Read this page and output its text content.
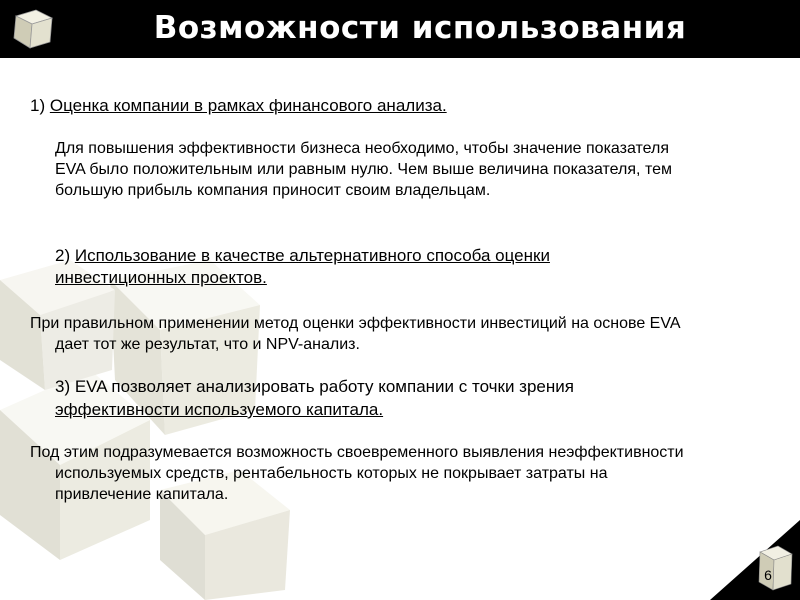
Возможности использования
6

1) Оценка компании в рамках финансового анализа.

Для повышения эффективности бизнеса необходимо, чтобы значение показателя

EVA было положительным или равным нулю. Чем выше величина показателя, тем

большую прибыль компания приносит своим владельцам.

2) Использование в качестве альтернативного способа оценки

инвестиционных проектов.

При правильном применении метод оценки эффективности инвестиций на основе EVA

дает тот же результат, что и NPV-анализ.

3) EVA позволяет анализировать работу компании с точки зрения

эффективности используемого капитала.

Под этим подразумевается возможность своевременного выявления неэффективности

используемых средств, рентабельность которых не покрывает затраты на

привлечение капитала.
